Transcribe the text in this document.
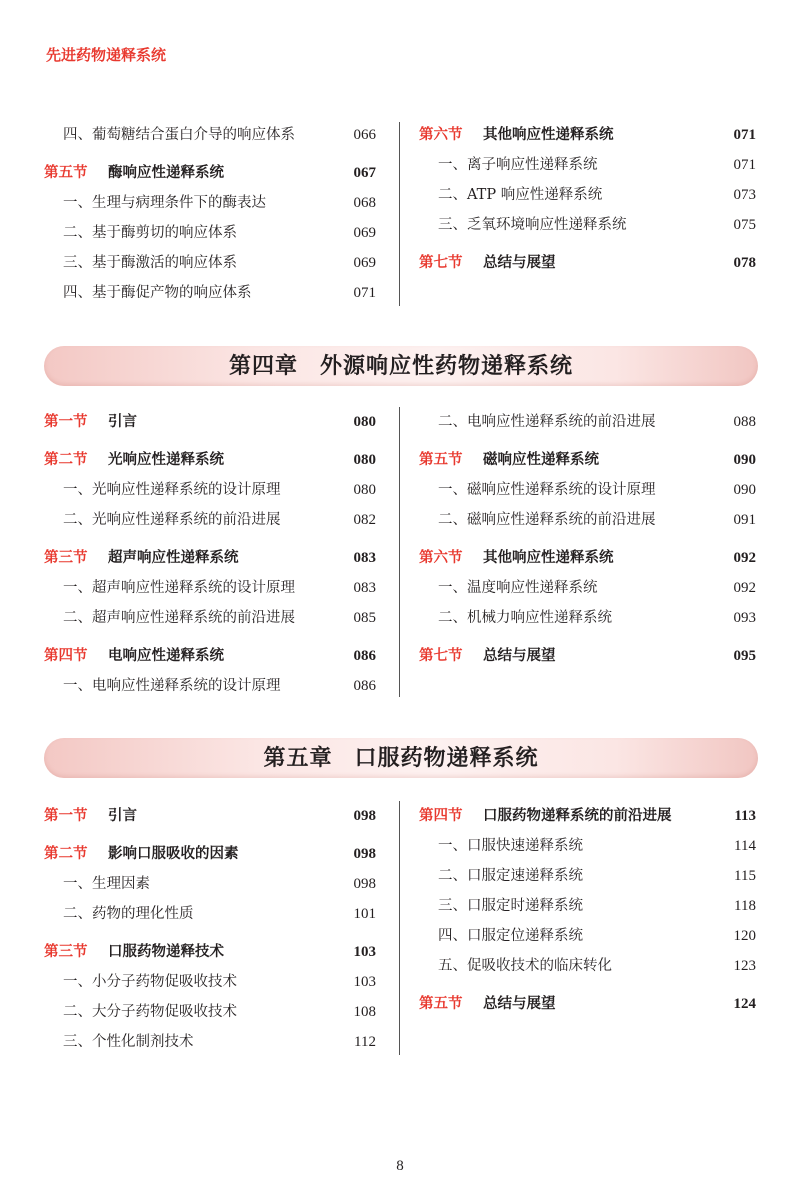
先进药物递释系统
四、葡萄糖结合蛋白介导的响应体系	066
第五节	酶响应性递释系统	067
一、生理与病理条件下的酶表达	068
二、基于酶剪切的响应体系	069
三、基于酶激活的响应体系	069
四、基于酶促产物的响应体系	071
第六节	其他响应性递释系统	071
一、离子响应性递释系统	071
二、ATP 响应性递释系统	073
三、乏氧环境响应性递释系统	075
第七节	总结与展望	078
第四章 外源响应性药物递释系统
第一节	引言	080
第二节	光响应性递释系统	080
一、光响应性递释系统的设计原理	080
二、光响应性递释系统的前沿进展	082
第三节	超声响应性递释系统	083
一、超声响应性递释系统的设计原理	083
二、超声响应性递释系统的前沿进展	085
第四节	电响应性递释系统	086
一、电响应性递释系统的设计原理	086
二、电响应性递释系统的前沿进展	088
第五节	磁响应性递释系统	090
一、磁响应性递释系统的设计原理	090
二、磁响应性递释系统的前沿进展	091
第六节	其他响应性递释系统	092
一、温度响应性递释系统	092
二、机械力响应性递释系统	093
第七节	总结与展望	095
第五章 口服药物递释系统
第一节	引言	098
第二节	影响口服吸收的因素	098
一、生理因素	098
二、药物的理化性质	101
第三节	口服药物递释技术	103
一、小分子药物促吸收技术	103
二、大分子药物促吸收技术	108
三、个性化制剂技术	112
第四节	口服药物递释系统的前沿进展	113
一、口服快速递释系统	114
二、口服定速递释系统	115
三、口服定时递释系统	118
四、口服定位递释系统	120
五、促吸收技术的临床转化	123
第五节	总结与展望	124
8
